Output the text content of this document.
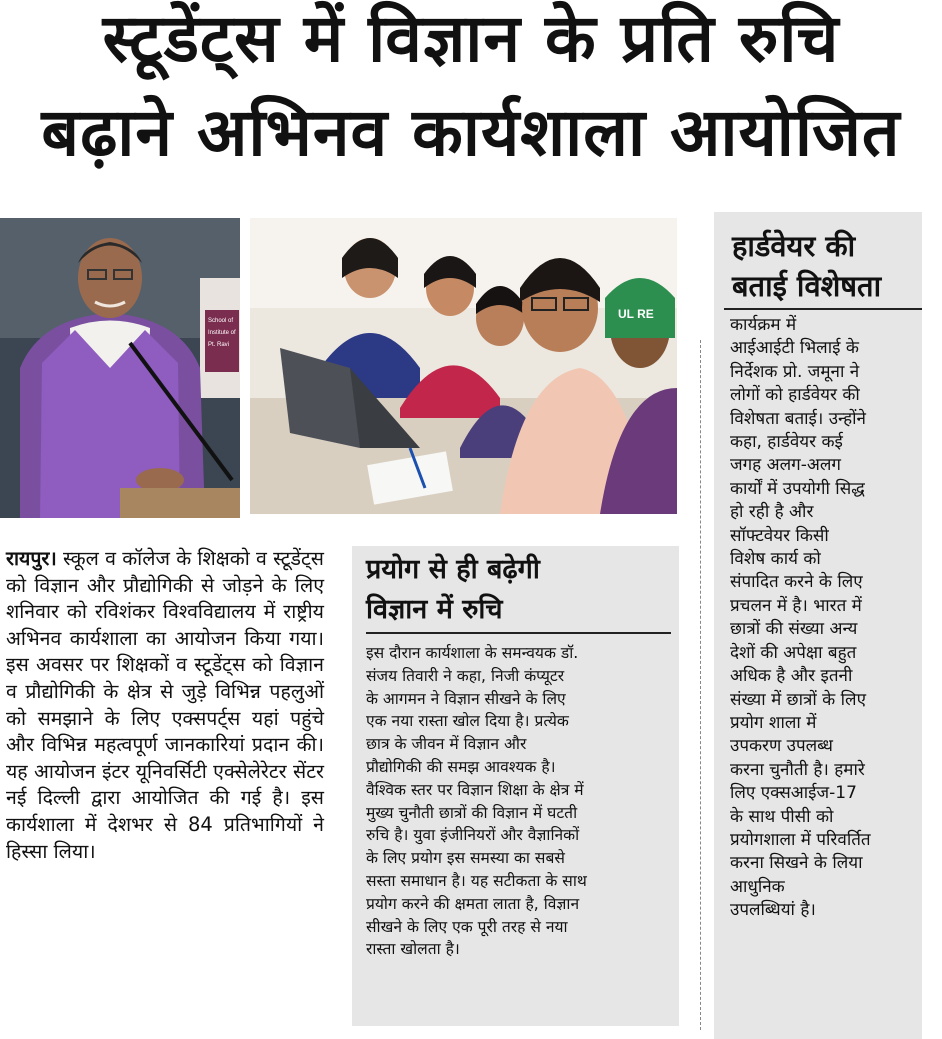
स्टूडेंट्स में विज्ञान के प्रति रुचि
बढ़ाने अभिनव कार्यशाला आयोजित
School of
Institute of
Pt. Ravi
UL RE
रायपुर। स्कूल व कॉलेज के शिक्षको व स्टूडेंट्स को विज्ञान और प्रौद्योगिकी से जोड़ने के लिए शनिवार को रविशंकर विश्वविद्यालय में राष्ट्रीय अभिनव कार्यशाला का आयोजन किया गया। इस अवसर पर शिक्षकों व स्टूडेंट्स को विज्ञान व प्रौद्योगिकी के क्षेत्र से जुड़े विभिन्न पहलुओं को समझाने के लिए एक्सपर्ट्स यहां पहुंचे और विभिन्न महत्वपूर्ण जानकारियां प्रदान की। यह आयोजन इंटर यूनिवर्सिटी एक्सेलेरेटर सेंटर नई दिल्ली द्वारा आयोजित की गई है। इस कार्यशाला में देशभर से 84 प्रतिभागियों ने हिस्सा लिया।
प्रयोग से ही बढ़ेगी
विज्ञान में रुचि
इस दौरान कार्यशाला के समन्वयक डॉ.
संजय तिवारी ने कहा, निजी कंप्यूटर
के आगमन ने विज्ञान सीखने के लिए
एक नया रास्ता खोल दिया है। प्रत्येक
छात्र के जीवन में विज्ञान और
प्रौद्योगिकी की समझ आवश्यक है।
वैश्विक स्तर पर विज्ञान शिक्षा के क्षेत्र में
मुख्य चुनौती छात्रों की विज्ञान में घटती
रुचि है। युवा इंजीनियरों और वैज्ञानिकों
के लिए प्रयोग इस समस्या का सबसे
सस्ता समाधान है। यह सटीकता के साथ
प्रयोग करने की क्षमता लाता है, विज्ञान
सीखने के लिए एक पूरी तरह से नया
रास्ता खोलता है।
हार्डवेयर की
बताई विशेषता
कार्यक्रम में
आईआईटी भिलाई के
निर्देशक प्रो. जमूना ने
लोगों को हार्डवेयर की
विशेषता बताई। उन्होंने
कहा, हार्डवेयर कई
जगह अलग-अलग
कार्यों में उपयोगी सिद्ध
हो रही है और
सॉफ्टवेयर किसी
विशेष कार्य को
संपादित करने के लिए
प्रचलन में है। भारत में
छात्रों की संख्या अन्य
देशों की अपेक्षा बहुत
अधिक है और इतनी
संख्या में छात्रों के लिए
प्रयोग शाला में
उपकरण उपलब्ध
करना चुनौती है। हमारे
लिए एक्सआईज-17
के साथ पीसी को
प्रयोगशाला में परिवर्तित
करना सिखने के लिया
आधुनिक
उपलब्धियां है।
